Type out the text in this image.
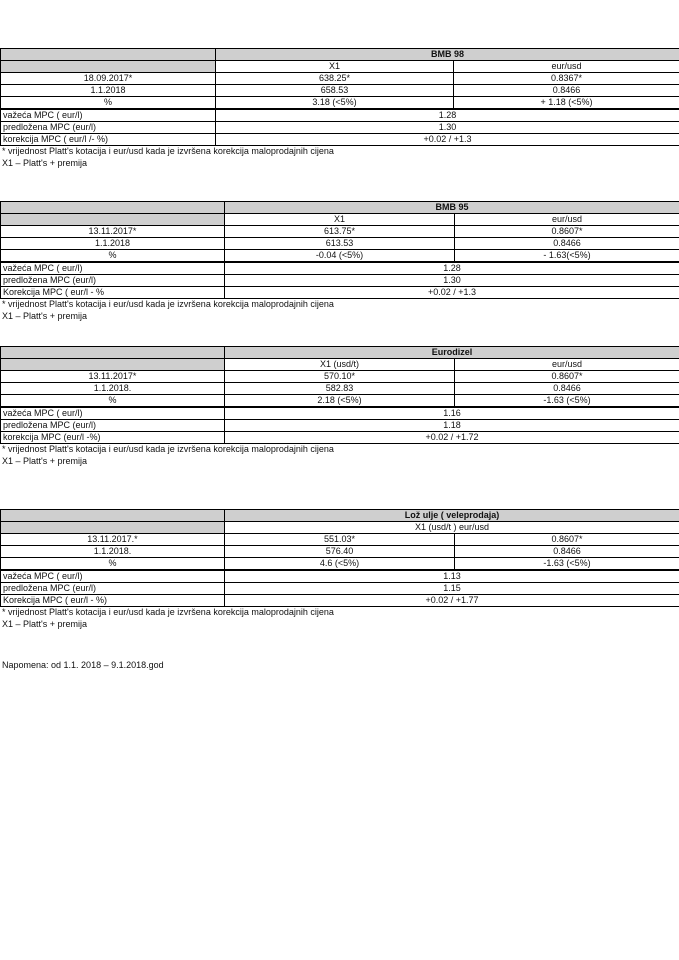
	BMB 98	
	X1	eur/usd
18.09.2017*	638.25*	0.8367*
1.1.2018	658.53	0.8466
%	3.18 (<5%)	+ 1.18 (<5%)
važeća MPC ( eur/l)	1.28
predložena MPC (eur/l)	1.30
korekcija MPC ( eur/l /- %)	+0.02 / +1.3
* vrijednost Platt's kotacija i eur/usd kada je izvršena korekcija maloprodajnih cijena
X1 – Platt's + premija
	BMB 95	
	X1	eur/usd
13.11.2017*	613.75*	0.8607*
1.1.2018	613.53	0.8466
%	-0.04 (<5%)	- 1.63(<5%)
važeća MPC ( eur/l)	1.28
predložena MPC (eur/l)	1.30
Korekcija MPC ( eur/l - %	+0.02 / +1.3
* vrijednost Platt's kotacija i eur/usd kada je izvršena korekcija maloprodajnih cijena
X1 – Platt's + premija
	Eurodizel	
	X1 (usd/t)	eur/usd
13.11.2017*	570.10*	0.8607*
1.1.2018.	582.83	0.8466
%	2.18 (<5%)	-1.63 (<5%)
važeća MPC ( eur/l)	1.16
predložena MPC (eur/l)	1.18
korekcija MPC (eur/l -%)	+0.02 / +1.72
* vrijednost Platt's kotacija i eur/usd kada je izvršena korekcija maloprodajnih cijena
X1 – Platt's + premija
	Lož ulje ( veleprodaja)	
	X1 (usd/t ) eur/usd	
13.11.2017.*	551.03*	0.8607*
1.1.2018.	576.40	0.8466
%	4.6 (<5%)	-1.63 (<5%)
važeća MPC ( eur/l)	1.13
predložena MPC (eur/l)	1.15
Korekcija MPC ( eur/l - %)	+0.02 / +1.77
* vrijednost Platt's kotacija i eur/usd kada je izvršena korekcija maloprodajnih cijena
X1 – Platt's + premija
Napomena: od 1.1. 2018 – 9.1.2018.god
